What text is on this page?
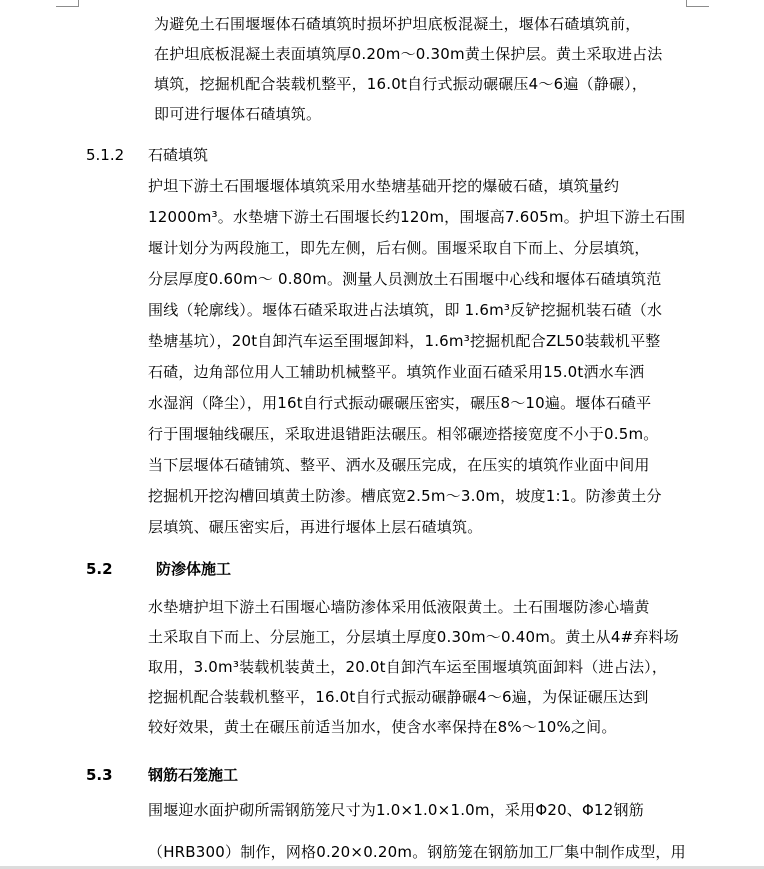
为避免土石围堰堰体石碴填筑时损坏护坦底板混凝土，堰体石碴填筑前，
在护坦底板混凝土表面填筑厚0.20m～0.30m黄土保护层。黄土采取进占法
填筑，挖掘机配合装载机整平，16.0t自行式振动碾碾压4～6遍（静碾），
即可进行堰体石碴填筑。
5.1.2 石碴填筑
护坦下游土石围堰堰体填筑采用水垫塘基础开挖的爆破石碴，填筑量约
12000m³。水垫塘下游土石围堰长约120m，围堰高7.605m。护坦下游土石围
堰计划分为两段施工，即先左侧，后右侧。围堰采取自下而上、分层填筑，
分层厚度0.60m～ 0.80m。测量人员测放土石围堰中心线和堰体石碴填筑范
围线（轮廓线）。堰体石碴采取进占法填筑，即 1.6m³反铲挖掘机装石碴（水
垫塘基坑），20t自卸汽车运至围堰卸料，1.6m³挖掘机配合ZL50装载机平整
石碴，边角部位用人工辅助机械整平。填筑作业面石碴采用15.0t洒水车洒
水湿润（降尘），用16t自行式振动碾碾压密实，碾压8～10遍。堰体石碴平
行于围堰轴线碾压，采取进退错距法碾压。相邻碾迹搭接宽度不小于0.5m。
当下层堰体石碴铺筑、整平、洒水及碾压完成，在压实的填筑作业面中间用
挖掘机开挖沟槽回填黄土防渗。槽底宽2.5m～3.0m，坡度1:1。防渗黄土分
层填筑、碾压密实后，再进行堰体上层石碴填筑。
5.2	防渗体施工
水垫塘护坦下游土石围堰心墙防渗体采用低液限黄土。土石围堰防渗心墙黄
土采取自下而上、分层施工，分层填土厚度0.30m～0.40m。黄土从4#弃料场
取用，3.0m³装载机装黄土，20.0t自卸汽车运至围堰填筑面卸料（进占法），
挖掘机配合装载机整平，16.0t自行式振动碾静碾4～6遍，为保证碾压达到
较好效果，黄土在碾压前适当加水，使含水率保持在8%～10%之间。
5.3 钢筋石笼施工
围堰迎水面护砌所需钢筋笼尺寸为1.0×1.0×1.0m，采用Φ20、Φ12钢筋
（HRB300）制作，网格0.20×0.20m。钢筋笼在钢筋加工厂集中制作成型，用
